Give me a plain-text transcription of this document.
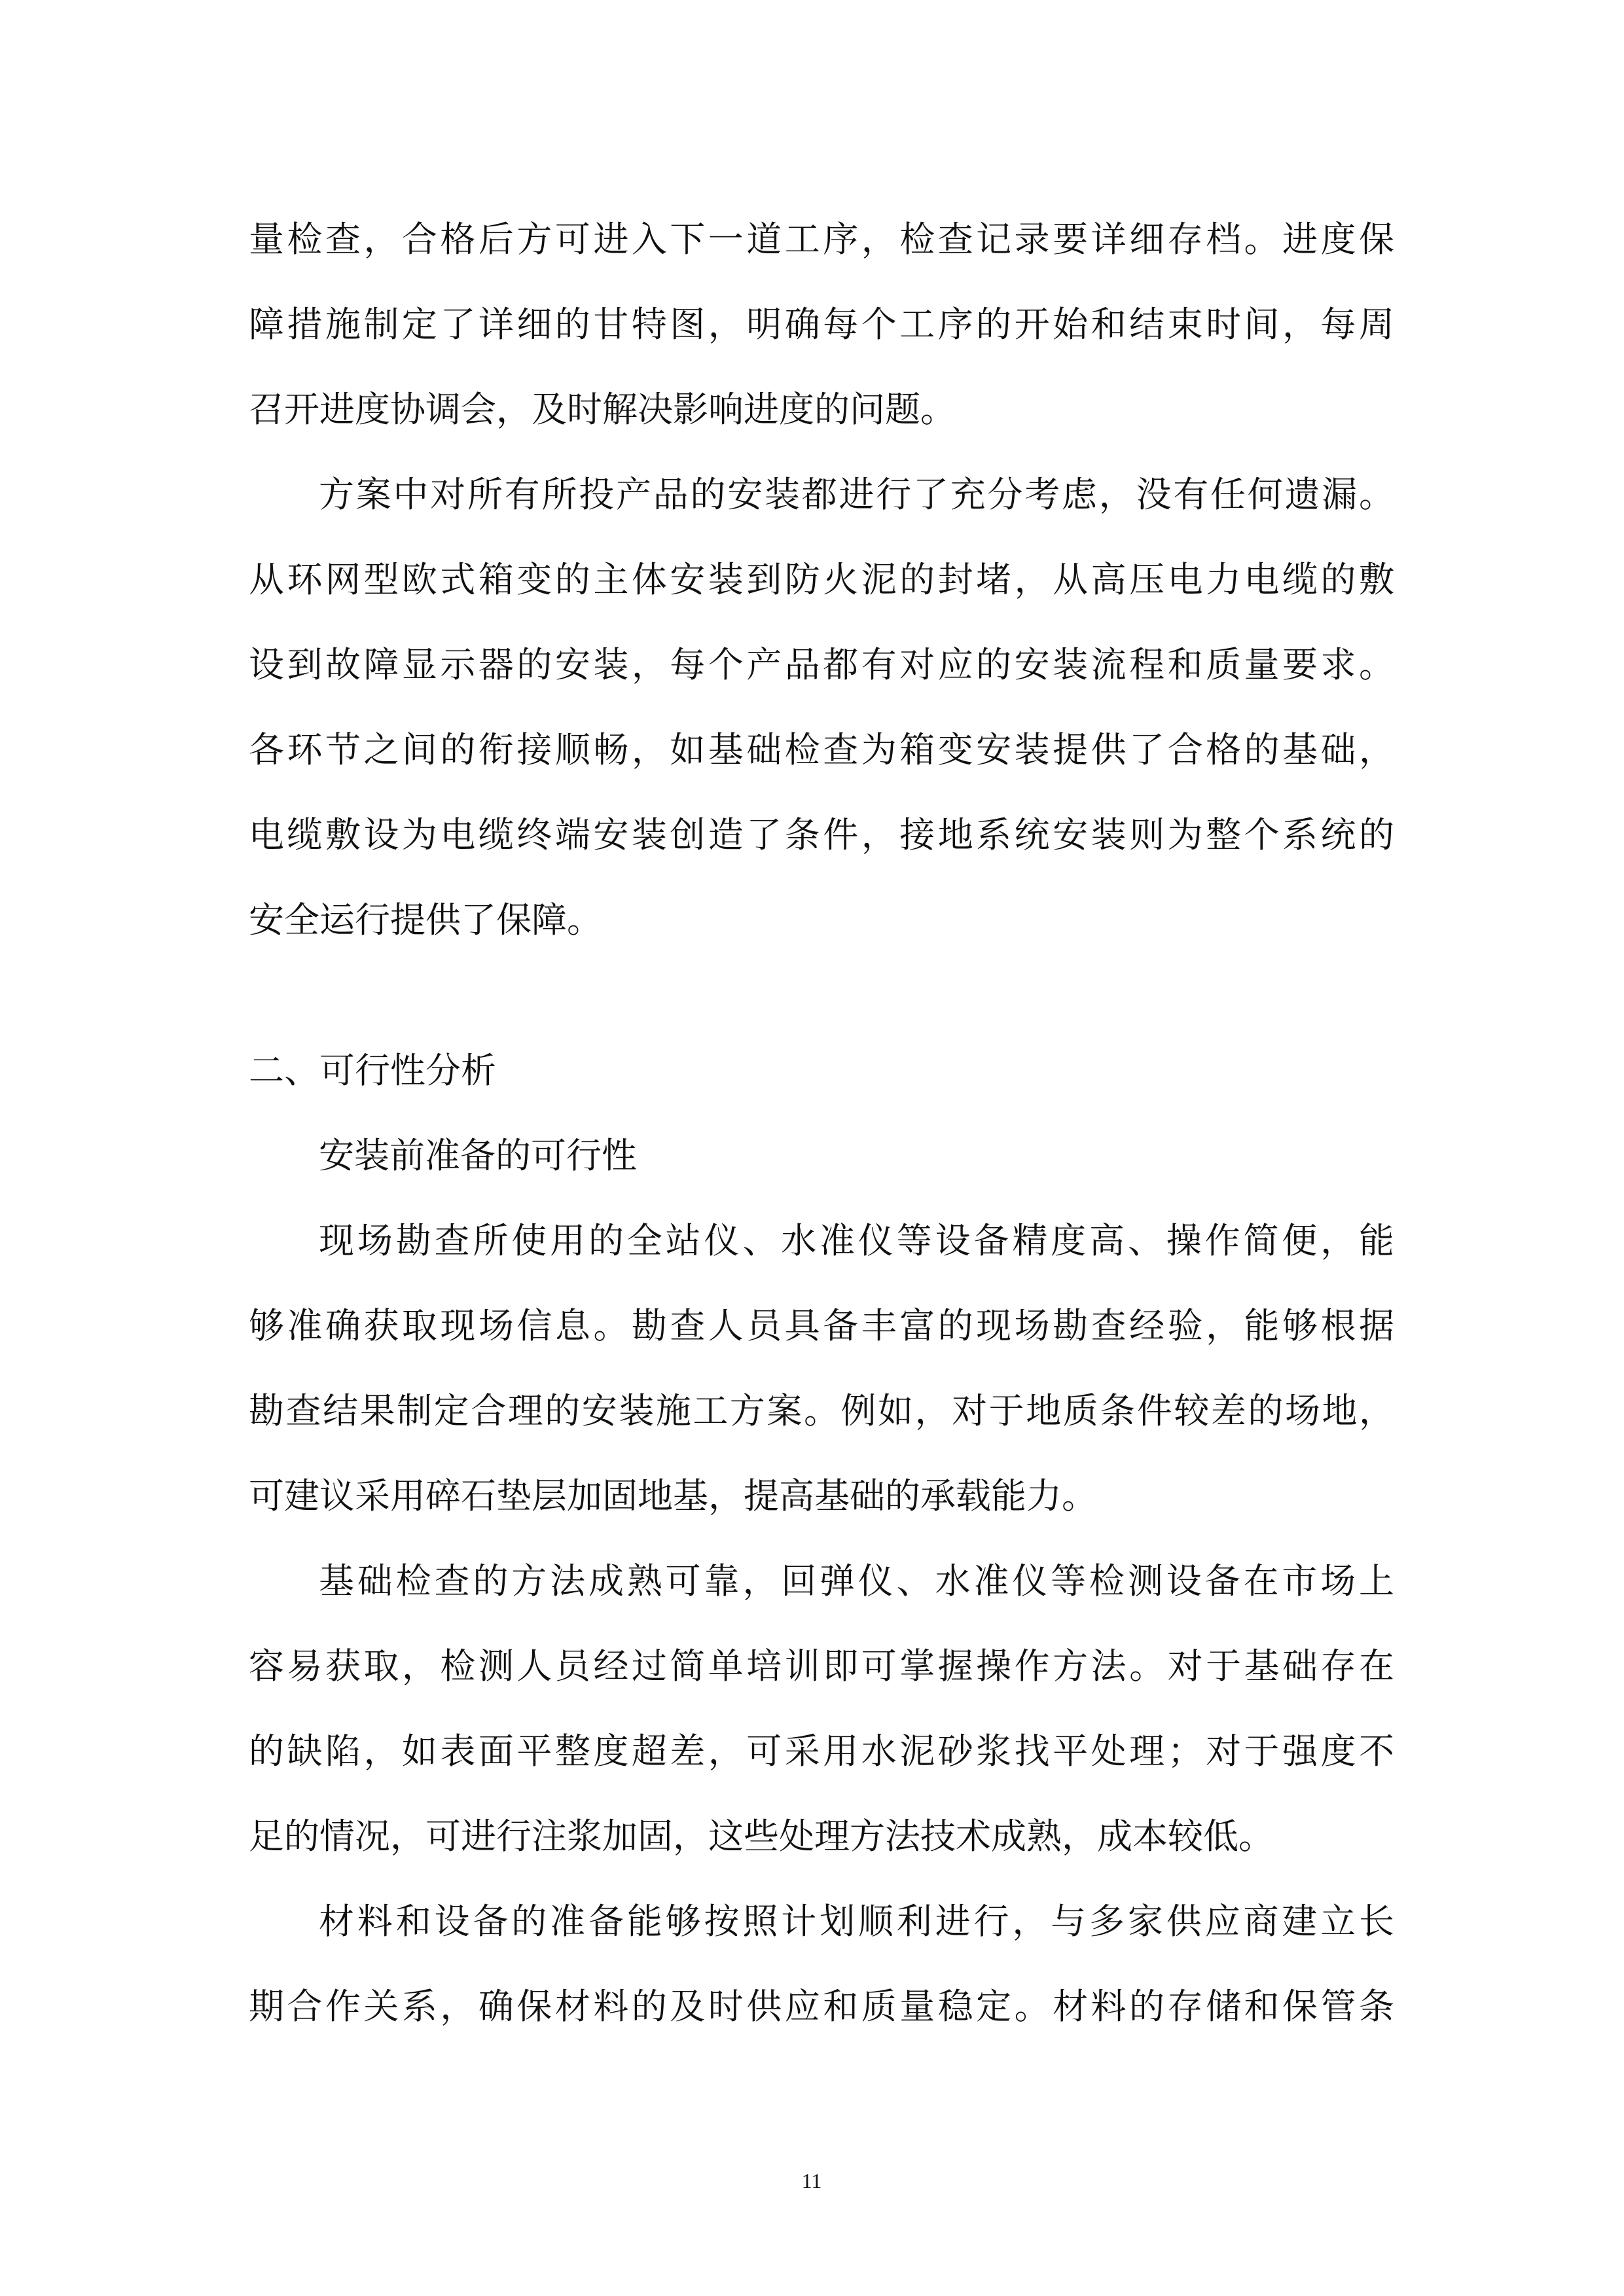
量检查，合格后方可进入下一道工序，检查记录要详细存档。进度保

障措施制定了详细的甘特图，明确每个工序的开始和结束时间，每周

召开进度协调会，及时解决影响进度的问题。

方案中对所有所投产品的安装都进行了充分考虑，没有任何遗漏。

从环网型欧式箱变的主体安装到防火泥的封堵，从高压电力电缆的敷

设到故障显示器的安装，每个产品都有对应的安装流程和质量要求。

各环节之间的衔接顺畅，如基础检查为箱变安装提供了合格的基础，

电缆敷设为电缆终端安装创造了条件，接地系统安装则为整个系统的

安全运行提供了保障。

二、可行性分析

安装前准备的可行性

现场勘查所使用的全站仪、水准仪等设备精度高、操作简便，能

够准确获取现场信息。勘查人员具备丰富的现场勘查经验，能够根据

勘查结果制定合理的安装施工方案。例如，对于地质条件较差的场地，

可建议采用碎石垫层加固地基，提高基础的承载能力。

基础检查的方法成熟可靠，回弹仪、水准仪等检测设备在市场上

容易获取，检测人员经过简单培训即可掌握操作方法。对于基础存在

的缺陷，如表面平整度超差，可采用水泥砂浆找平处理；对于强度不

足的情况，可进行注浆加固，这些处理方法技术成熟，成本较低。

材料和设备的准备能够按照计划顺利进行，与多家供应商建立长

期合作关系，确保材料的及时供应和质量稳定。材料的存储和保管条

11
